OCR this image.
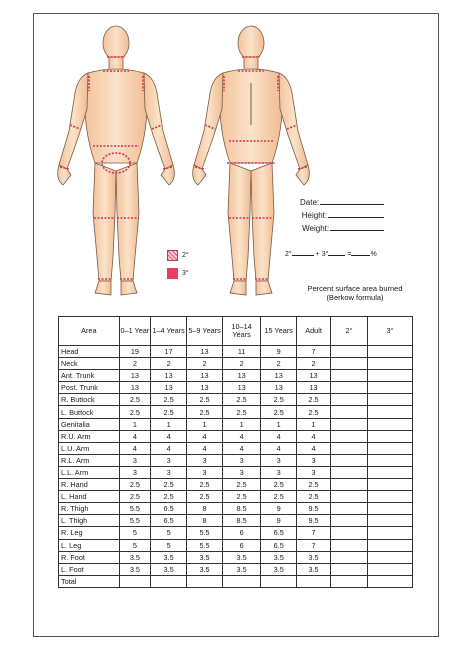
2°
3°
Date:
Height:
Weight:
2°	+ 3°	=	%
Percent surface area burned
(Berkow formula)
Area	0–1 Year	1–4 Years	5–9 Years	10–14 Years	15 Years	Adult	2°	3°
Head	19	17	13	11	9	7		
Neck	2	2	2	2	2	2		
Ant. Trunk	13	13	13	13	13	13		
Post. Trunk	13	13	13	13	13	13		
R. Buttock	2.5	2.5	2.5	2.5	2.5	2.5		
L. Buttock	2.5	2.5	2.5	2.5	2.5	2.5		
Genitalia	1	1	1	1	1	1		
R.U. Arm	4	4	4	4	4	4		
L.U. Arm	4	4	4	4	4	4		
R.L. Arm	3	3	3	3	3	3		
L.L. Arm	3	3	3	3	3	3		
R. Hand	2.5	2.5	2.5	2.5	2.5	2.5		
L. Hand	2.5	2.5	2.5	2.5	2.5	2.5		
R. Thigh	5.5	6.5	8	8.5	9	9.5		
L. Thigh	5.5	6.5	8	8.5	9	9.5		
R. Leg	5	5	5.5	6	6.5	7		
L. Leg	5	5	5.5	6	6.5	7		
R. Foot	3.5	3.5	3.5	3.5	3.5	3.5		
L. Foot	3.5	3.5	3.5	3.5	3.5	3.5		
Total								
